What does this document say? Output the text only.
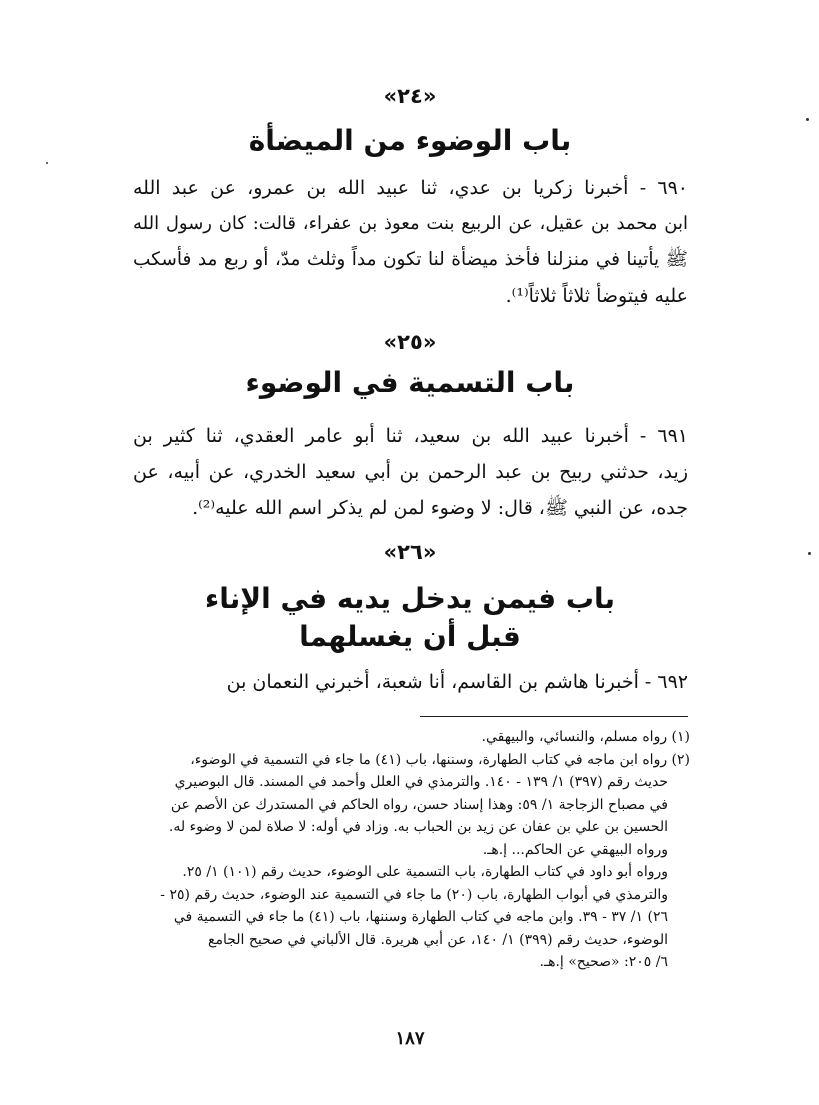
«٢٤»
باب الوضوء من الميضأة
٦٩٠ - أخبرنا زكريا بن عدي، ثنا عبيد الله بن عمرو، عن عبد الله
ابن محمد بن عقيل، عن الربيع بنت معوذ بن عفراء، قالت: كان رسول الله
ﷺ يأتينا في منزلنا فأخذ ميضأة لنا تكون مداً وثلث مدّ، أو ربع مد فأسكب
عليه فيتوضأ ثلاثاً ثلاثاً⁽¹⁾.
«٢٥»
باب التسمية في الوضوء
٦٩١ - أخبرنا عبيد الله بن سعيد، ثنا أبو عامر العقدي، ثنا كثير بن
زيد، حدثني ربيح بن عبد الرحمن بن أبي سعيد الخدري، عن أبيه، عن
جده، عن النبي ﷺ، قال: لا وضوء لمن لم يذكر اسم الله عليه⁽²⁾.
«٢٦»
باب فيمن يدخل يديه في الإناء
قبل أن يغسلهما
٦٩٢ - أخبرنا هاشم بن القاسم، أنا شعبة، أخبرني النعمان بن
(١) رواه مسلم، والنسائي، والبيهقي.
(٢) رواه ابن ماجه في كتاب الطهارة، وسننها، باب (٤١) ما جاء في التسمية في الوضوء،
حديث رقم (٣٩٧) ١/ ١٣٩ - ١٤٠. والترمذي في العلل وأحمد في المسند. قال البوصيري
في مصباح الزجاجة ١/ ٥٩: وهذا إسناد حسن، رواه الحاكم في المستدرك عن الأصم عن
الحسين بن علي بن عفان عن زيد بن الحباب به. وزاد في أوله: لا صلاة لمن لا وضوء له.
ورواه البيهقي عن الحاكم... إ.هـ.
ورواه أبو داود في كتاب الطهارة، باب التسمية على الوضوء، حديث رقم (١٠١) ١/ ٢٥.
والترمذي في أبواب الطهارة، باب (٢٠) ما جاء في التسمية عند الوضوء، حديث رقم (٢٥ -
٢٦) ١/ ٣٧ - ٣٩. وابن ماجه في كتاب الطهارة وسننها، باب (٤١) ما جاء في التسمية في
الوضوء، حديث رقم (٣٩٩) ١/ ١٤٠، عن أبي هريرة. قال الألباني في صحيح الجامع
٦/ ٢٠٥: «صحيح» إ.هـ.
١٨٧
